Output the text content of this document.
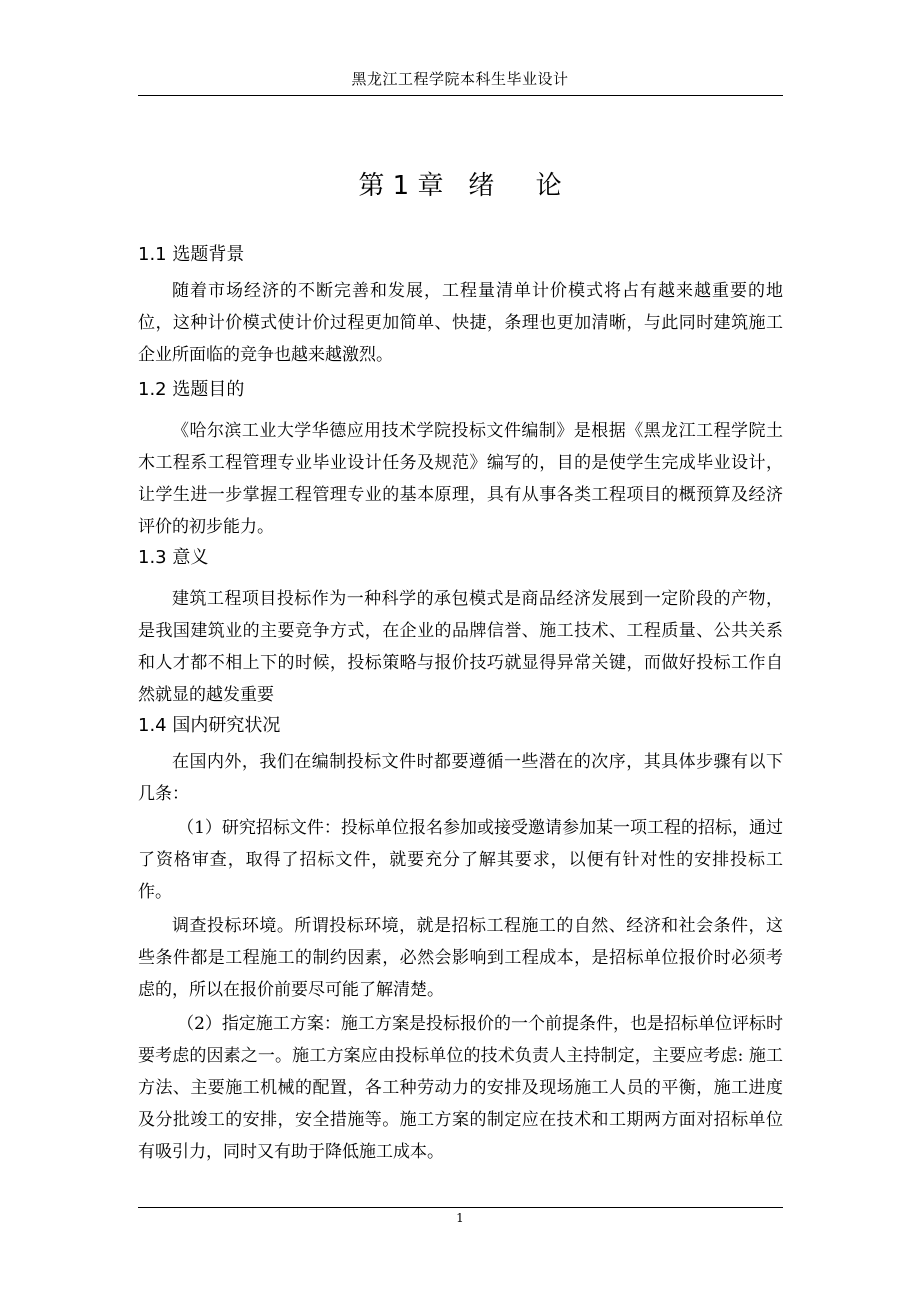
黑龙江工程学院本科生毕业设计
第 1 章   绪     论
1.1 选题背景

随着市场经济的不断完善和发展，工程量清单计价模式将占有越来越重要的地位，这种计价模式使计价过程更加简单、快捷，条理也更加清晰，与此同时建筑施工企业所面临的竞争也越来越激烈。

1.2 选题目的

《哈尔滨工业大学华德应用技术学院投标文件编制》是根据《黑龙江工程学院土木工程系工程管理专业毕业设计任务及规范》编写的，目的是使学生完成毕业设计，让学生进一步掌握工程管理专业的基本原理，具有从事各类工程项目的概预算及经济评价的初步能力。

1.3 意义

建筑工程项目投标作为一种科学的承包模式是商品经济发展到一定阶段的产物，是我国建筑业的主要竞争方式，在企业的品牌信誉、施工技术、工程质量、公共关系和人才都不相上下的时候，投标策略与报价技巧就显得异常关键，而做好投标工作自然就显的越发重要

1.4 国内研究状况

在国内外，我们在编制投标文件时都要遵循一些潜在的次序，其具体步骤有以下几条：

（1）研究招标文件：投标单位报名参加或接受邀请参加某一项工程的招标，通过了资格审查，取得了招标文件，就要充分了解其要求，以便有针对性的安排投标工作。

调查投标环境。所谓投标环境，就是招标工程施工的自然、经济和社会条件，这些条件都是工程施工的制约因素，必然会影响到工程成本，是招标单位报价时必须考虑的，所以在报价前要尽可能了解清楚。

（2）指定施工方案：施工方案是投标报价的一个前提条件，也是招标单位评标时要考虑的因素之一。施工方案应由投标单位的技术负责人主持制定，主要应考虑: 施工方法、主要施工机械的配置，各工种劳动力的安排及现场施工人员的平衡，施工进度及分批竣工的安排，安全措施等。施工方案的制定应在技术和工期两方面对招标单位有吸引力，同时又有助于降低施工成本。

1
